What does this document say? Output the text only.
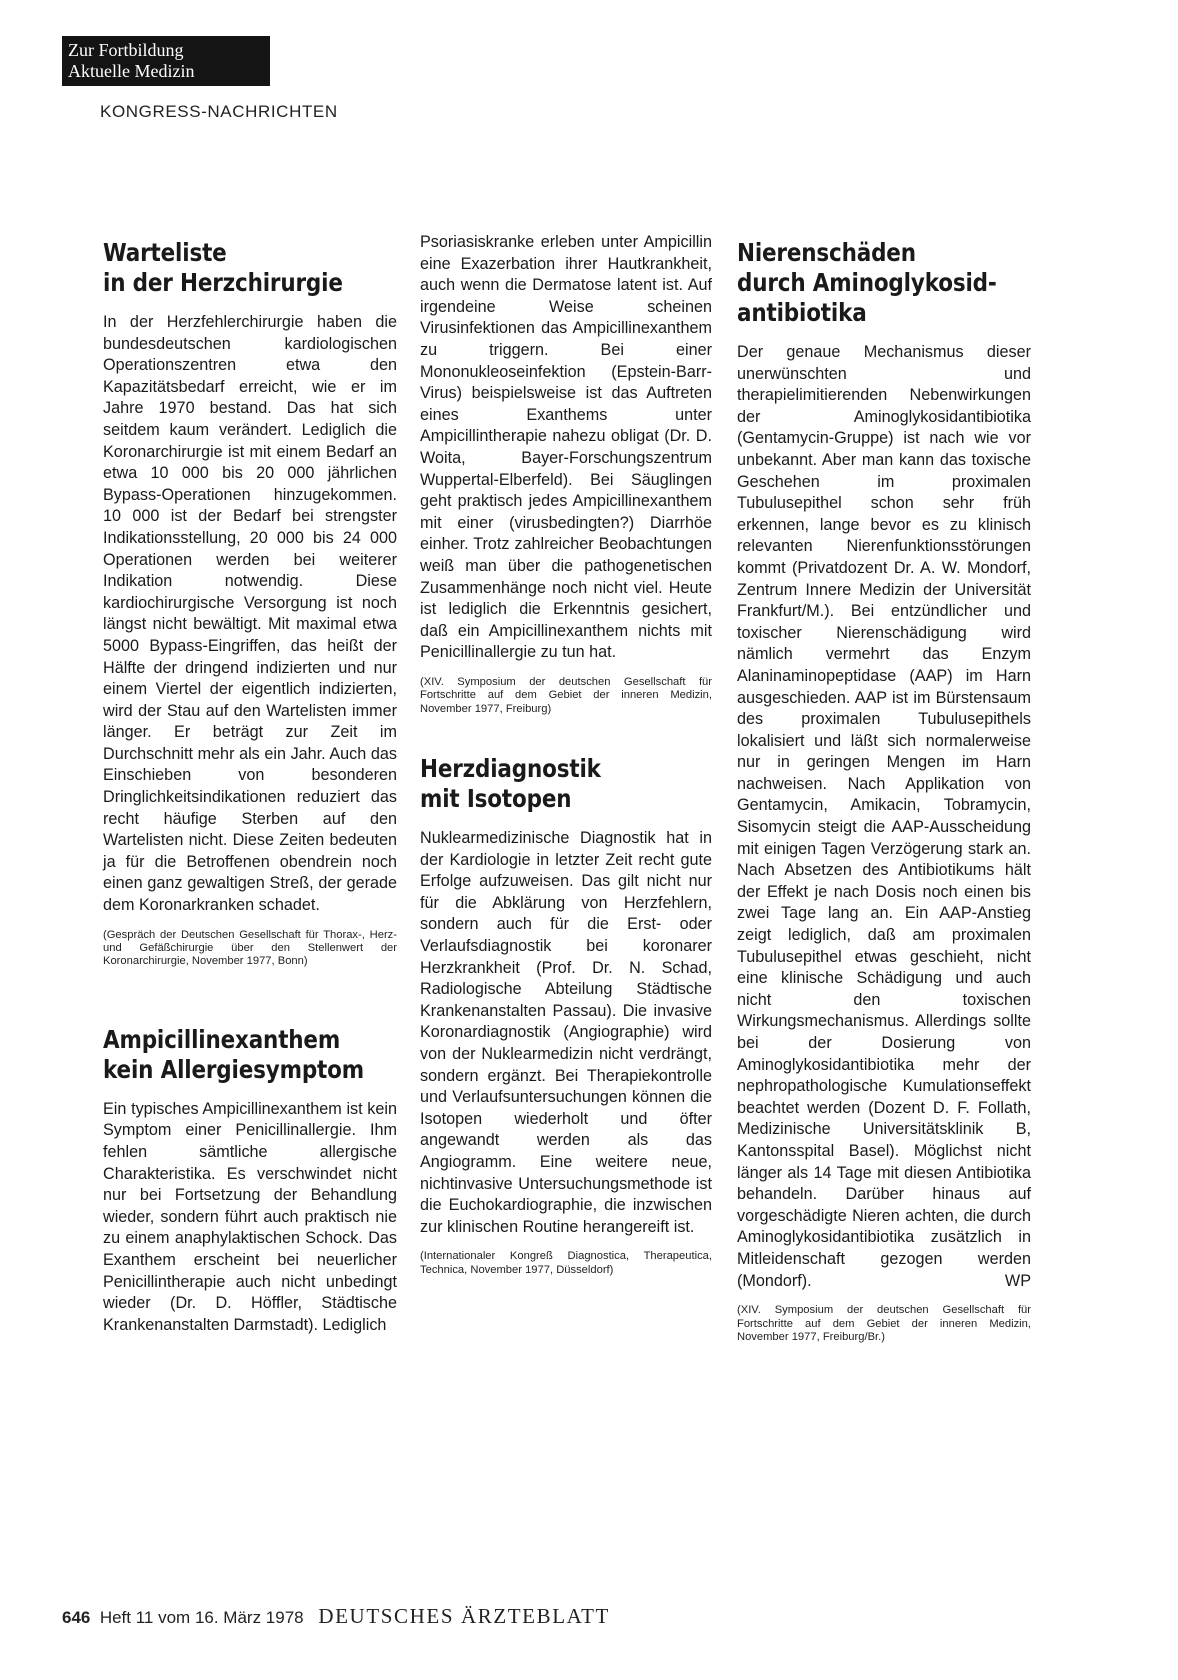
Zur Fortbildung
Aktuelle Medizin
KONGRESS-NACHRICHTEN
Warteliste
in der Herzchirurgie

In der Herzfehlerchirurgie haben die bundesdeutschen kardiologischen Operationszentren etwa den Kapazitätsbedarf erreicht, wie er im Jahre 1970 bestand. Das hat sich seitdem kaum verändert. Lediglich die Koronarchirurgie ist mit einem Bedarf an etwa 10 000 bis 20 000 jährlichen Bypass-Operationen hinzugekommen. 10 000 ist der Bedarf bei strengster Indikationsstellung, 20 000 bis 24 000 Operationen werden bei weiterer Indikation notwendig. Diese kardiochirurgische Versorgung ist noch längst nicht bewältigt. Mit maximal etwa 5000 Bypass-Eingriffen, das heißt der Hälfte der dringend indizierten und nur einem Viertel der eigentlich indizierten, wird der Stau auf den Wartelisten immer länger. Er beträgt zur Zeit im Durchschnitt mehr als ein Jahr. Auch das Einschieben von besonderen Dringlichkeitsindikationen reduziert das recht häufige Sterben auf den Wartelisten nicht. Diese Zeiten bedeuten ja für die Betroffenen obendrein noch einen ganz gewaltigen Streß, der gerade dem Koronarkranken schadet.

(Gespräch der Deutschen Gesellschaft für Thorax-, Herz- und Gefäßchirurgie über den Stellenwert der Koronarchirurgie, November 1977, Bonn)

Ampicillinexanthem
kein Allergiesymptom

Ein typisches Ampicillinexanthem ist kein Symptom einer Penicillinallergie. Ihm fehlen sämtliche allergische Charakteristika. Es verschwindet nicht nur bei Fortsetzung der Behandlung wieder, sondern führt auch praktisch nie zu einem anaphylaktischen Schock. Das Exanthem erscheint bei neuerlicher Penicillintherapie auch nicht unbedingt wieder (Dr. D. Höffler, Städtische Krankenanstalten Darmstadt). Lediglich

Psoriasiskranke erleben unter Ampicillin eine Exazerbation ihrer Hautkrankheit, auch wenn die Dermatose latent ist. Auf irgendeine Weise scheinen Virusinfektionen das Ampicillinexanthem zu triggern. Bei einer Mononukleoseinfektion (Epstein-Barr-Virus) beispielsweise ist das Auftreten eines Exanthems unter Ampicillintherapie nahezu obligat (Dr. D. Woita, Bayer-Forschungszentrum Wuppertal-Elberfeld). Bei Säuglingen geht praktisch jedes Ampicillinexanthem mit einer (virusbedingten?) Diarrhöe einher. Trotz zahlreicher Beobachtungen weiß man über die pathogenetischen Zusammenhänge noch nicht viel. Heute ist lediglich die Erkenntnis gesichert, daß ein Ampicillinexanthem nichts mit Penicillinallergie zu tun hat.

(XIV. Symposium der deutschen Gesellschaft für Fortschritte auf dem Gebiet der inneren Medizin, November 1977, Freiburg)

Herzdiagnostik
mit Isotopen

Nuklearmedizinische Diagnostik hat in der Kardiologie in letzter Zeit recht gute Erfolge aufzuweisen. Das gilt nicht nur für die Abklärung von Herzfehlern, sondern auch für die Erst- oder Verlaufsdiagnostik bei koronarer Herzkrankheit (Prof. Dr. N. Schad, Radiologische Abteilung Städtische Krankenanstalten Passau). Die invasive Koronardiagnostik (Angiographie) wird von der Nuklearmedizin nicht verdrängt, sondern ergänzt. Bei Therapiekontrolle und Verlaufsuntersuchungen können die Isotopen wiederholt und öfter angewandt werden als das Angiogramm. Eine weitere neue, nichtinvasive Untersuchungsmethode ist die Euchokardiographie, die inzwischen zur klinischen Routine herangereift ist.

(Internationaler Kongreß Diagnostica, Therapeutica, Technica, November 1977, Düsseldorf)

Nierenschäden
durch Aminoglykosid-
antibiotika

Der genaue Mechanismus dieser unerwünschten und therapielimitierenden Nebenwirkungen der Aminoglykosidantibiotika (Gentamycin-Gruppe) ist nach wie vor unbekannt. Aber man kann das toxische Geschehen im proximalen Tubulusepithel schon sehr früh erkennen, lange bevor es zu klinisch relevanten Nierenfunktionsstörungen kommt (Privatdozent Dr. A. W. Mondorf, Zentrum Innere Medizin der Universität Frankfurt/M.). Bei entzündlicher und toxischer Nierenschädigung wird nämlich vermehrt das Enzym Alaninaminopeptidase (AAP) im Harn ausgeschieden. AAP ist im Bürstensaum des proximalen Tubulusepithels lokalisiert und läßt sich normalerweise nur in geringen Mengen im Harn nachweisen. Nach Applikation von Gentamycin, Amikacin, Tobramycin, Sisomycin steigt die AAP-Ausscheidung mit einigen Tagen Verzögerung stark an. Nach Absetzen des Antibiotikums hält der Effekt je nach Dosis noch einen bis zwei Tage lang an. Ein AAP-Anstieg zeigt lediglich, daß am proximalen Tubulusepithel etwas geschieht, nicht eine klinische Schädigung und auch nicht den toxischen Wirkungsmechanismus. Allerdings sollte bei der Dosierung von Aminoglykosidantibiotika mehr der nephropathologische Kumulationseffekt beachtet werden (Dozent D. F. Follath, Medizinische Universitätsklinik B, Kantonsspital Basel). Möglichst nicht länger als 14 Tage mit diesen Antibiotika behandeln. Darüber hinaus auf vorgeschädigte Nieren achten, die durch Aminoglykosidantibiotika zusätzlich in Mitleidenschaft gezogen werden (Mondorf).	WP

(XIV. Symposium der deutschen Gesellschaft für Fortschritte auf dem Gebiet der inneren Medizin, November 1977, Freiburg/Br.)

646 Heft 11 vom 16. März 1978 DEUTSCHES ÄRZTEBLATT
